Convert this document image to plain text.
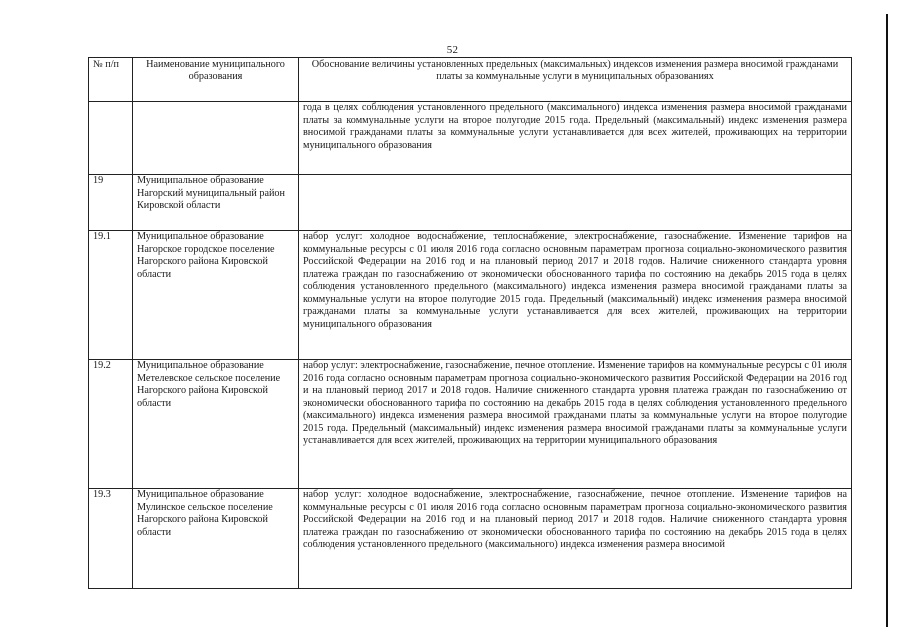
52
№ п/п	Наименование муниципального образования	Обоснование величины установленных предельных (максимальных) индексов изменения размера вносимой гражданами платы за коммунальные услуги в муниципальных образованиях
		года в целях соблюдения установленного предельного (максимального) индекса изменения размера вносимой гражданами платы за коммунальные услуги на второе полугодие 2015 года. Предельный (максимальный) индекс изменения размера вносимой гражданами платы за коммунальные услуги устанавливается для всех жителей, проживающих на территории муниципального образования
19	Муниципальное образование Нагорский муниципальный район Кировской области	
19.1	Муниципальное образование Нагорское городское поселение Нагорского района Кировской области	набор услуг: холодное водоснабжение, теплоснабжение, электроснабжение, газоснабжение. Изменение тарифов на коммунальные ресурсы с 01 июля 2016 года согласно основным параметрам прогноза социально-экономического развития Российской Федерации на 2016 год и на плановый период 2017 и 2018 годов. Наличие сниженного стандарта уровня платежа граждан по газоснабжению от экономически обоснованного тарифа по состоянию на декабрь 2015 года в целях соблюдения установленного предельного (максимального) индекса изменения размера вносимой гражданами платы за коммунальные услуги на второе полугодие 2015 года. Предельный (максимальный) индекс изменения размера вносимой гражданами платы за коммунальные услуги устанавливается для всех жителей, проживающих на территории муниципального образования
19.2	Муниципальное образование Метелевское сельское поселение Нагорского района Кировской области	набор услуг: электроснабжение, газоснабжение, печное отопление. Изменение тарифов на коммунальные ресурсы с 01 июля 2016 года согласно основным параметрам прогноза социально-экономического развития Российской Федерации на 2016 год и на плановый период 2017 и 2018 годов. Наличие сниженного стандарта уровня платежа граждан по газоснабжению от экономически обоснованного тарифа по состоянию на декабрь 2015 года в целях соблюдения установленного предельного (максимального) индекса изменения размера вносимой гражданами платы за коммунальные услуги на второе полугодие 2015 года. Предельный (максимальный) индекс изменения размера вносимой гражданами платы за коммунальные услуги устанавливается для всех жителей, проживающих на территории муниципального образования
19.3	Муниципальное образование Мулинское сельское поселение Нагорского района Кировской области	набор услуг: холодное водоснабжение, электроснабжение, газоснабжение, печное отопление. Изменение тарифов на коммунальные ресурсы с 01 июля 2016 года согласно основным параметрам прогноза социально-экономического развития Российской Федерации на 2016 год и на плановый период 2017 и 2018 годов. Наличие сниженного стандарта уровня платежа граждан по газоснабжению от экономически обоснованного тарифа по состоянию на декабрь 2015 года в целях соблюдения установленного предельного (максимального) индекса изменения размера вносимой
